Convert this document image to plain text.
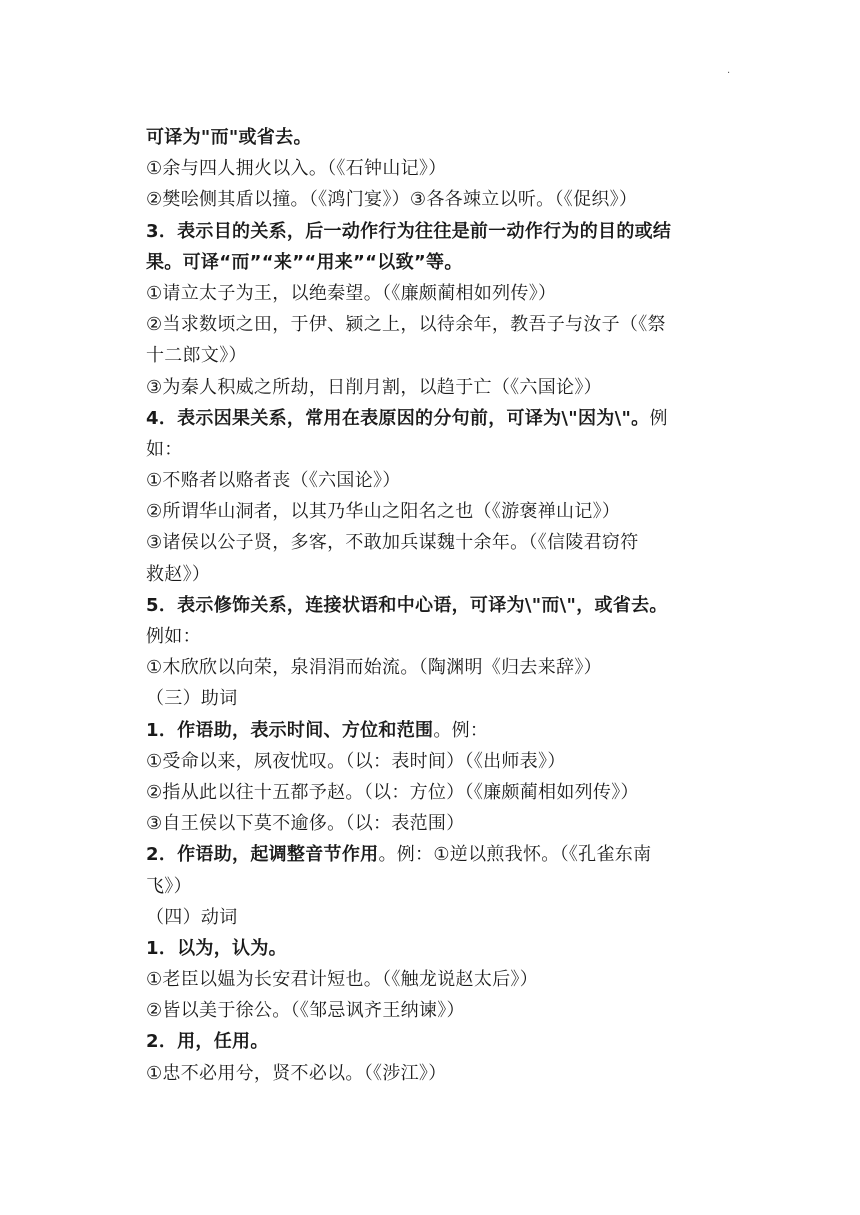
·
可译为"而"或省去。
①余与四人拥火以入。（《石钟山记》）
②樊哙侧其盾以撞。（《鸿门宴》）③各各竦立以听。（《促织》）
3．表示目的关系，后一动作行为往往是前一动作行为的目的或结
果。可译“而”“来”“用来”“以致”等。
①请立太子为王，以绝秦望。（《廉颇蔺相如列传》）
②当求数顷之田，于伊、颍之上，以待余年，教吾子与汝子（《祭
十二郎文》）
③为秦人积威之所劫，日削月割，以趋于亡（《六国论》）
4．表示因果关系，常用在表原因的分句前，可译为\"因为\"。例
如：
①不赂者以赂者丧（《六国论》）
②所谓华山洞者，以其乃华山之阳名之也（《游褒禅山记》）
③诸侯以公子贤，多客，不敢加兵谋魏十余年。（《信陵君窃符
救赵》）
5．表示修饰关系，连接状语和中心语，可译为\"而\"，或省去。
例如：
①木欣欣以向荣，泉涓涓而始流。（陶渊明《归去来辞》）
（三）助词
1．作语助，表示时间、方位和范围。例：
①受命以来，夙夜忧叹。（以：表时间）（《出师表》）
②指从此以往十五都予赵。（以：方位）（《廉颇蔺相如列传》）
③自王侯以下莫不逾侈。（以：表范围）
2．作语助，起调整音节作用。例：①逆以煎我怀。（《孔雀东南
飞》）
（四）动词
1．以为，认为。
①老臣以媪为长安君计短也。（《触龙说赵太后》）
②皆以美于徐公。（《邹忌讽齐王纳谏》）
2．用，任用。
①忠不必用兮，贤不必以。（《涉江》）
